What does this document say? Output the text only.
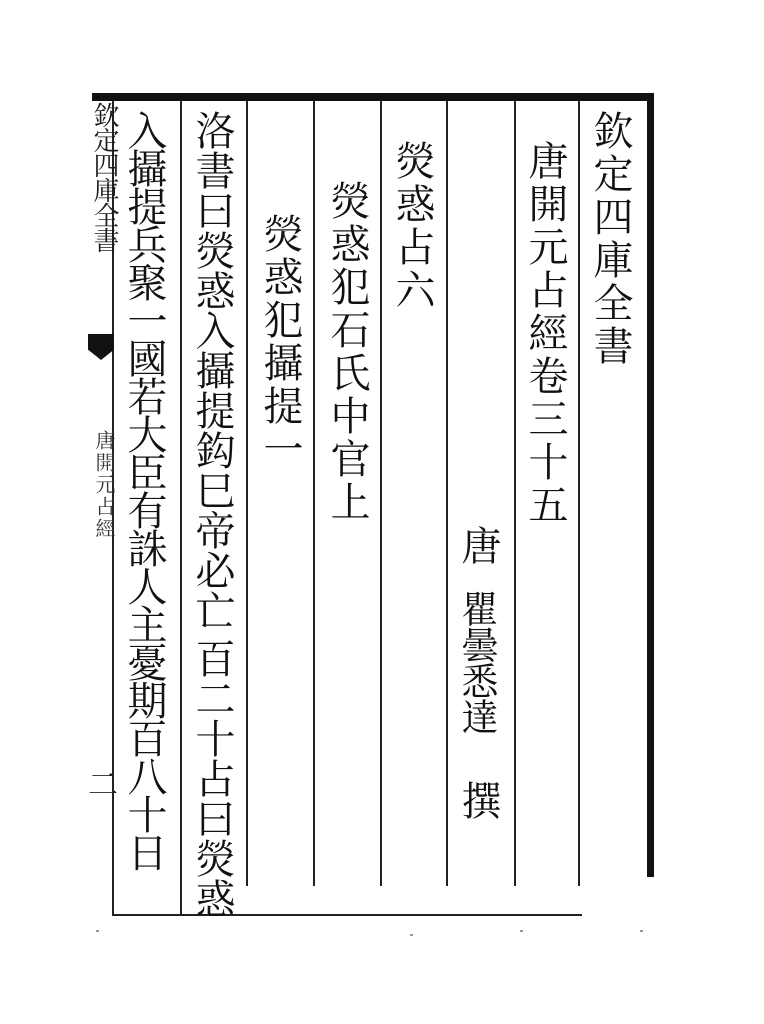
欽定四庫全書
唐開元占經
二
欽定四庫全書
唐開元占經卷三十五
唐
瞿曇悉達
撰
熒惑占六
熒惑犯石氏中官上
熒惑犯攝提一
洛書曰熒惑入攝提鈎巳帝必亡
百二十占曰熒惑
入攝提兵聚一國若大臣有誅人主憂期百八十日
